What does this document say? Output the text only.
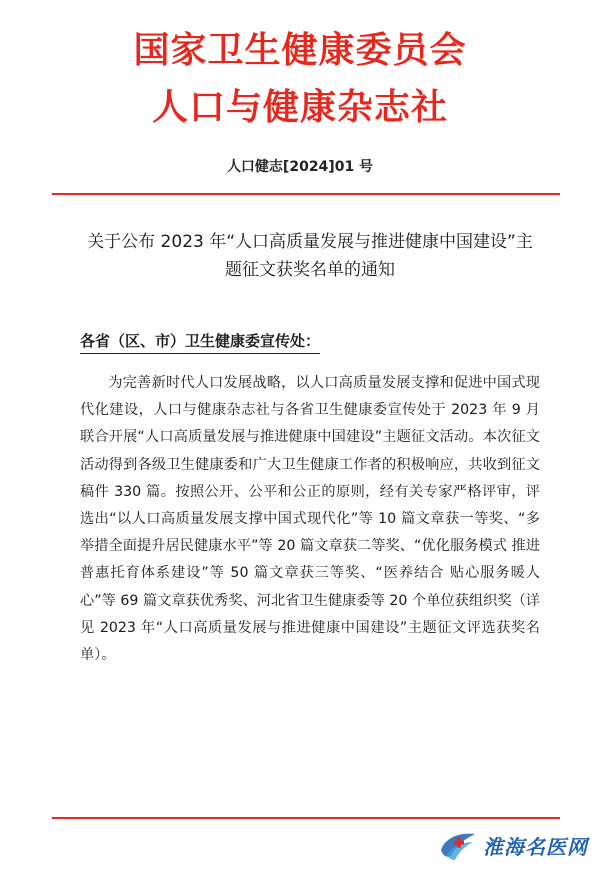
国家卫生健康委员会
人口与健康杂志社
人口健志[2024]01 号
关于公布 2023 年“人口高质量发展与推进健康中国建设”主题征文获奖名单的通知
各省（区、市）卫生健康委宣传处：

为完善新时代人口发展战略，以人口高质量发展支撑和促进中国式现代化建设，人口与健康杂志社与各省卫生健康委宣传处于 2023 年 9 月联合开展“人口高质量发展与推进健康中国建设”主题征文活动。本次征文活动得到各级卫生健康委和广大卫生健康工作者的积极响应，共收到征文稿件 330 篇。按照公开、公平和公正的原则，经有关专家严格评审，评选出“以人口高质量发展支撑中国式现代化”等 10 篇文章获一等奖、“多举措全面提升居民健康水平”等 20 篇文章获二等奖、“优化服务模式 推进普惠托育体系建设”等 50 篇文章获三等奖、“医养结合 贴心服务暖人心”等 69 篇文章获优秀奖、河北省卫生健康委等 20 个单位获组织奖（详见 2023 年“人口高质量发展与推进健康中国建设”主题征文评选获奖名单）。

淮海名医网
